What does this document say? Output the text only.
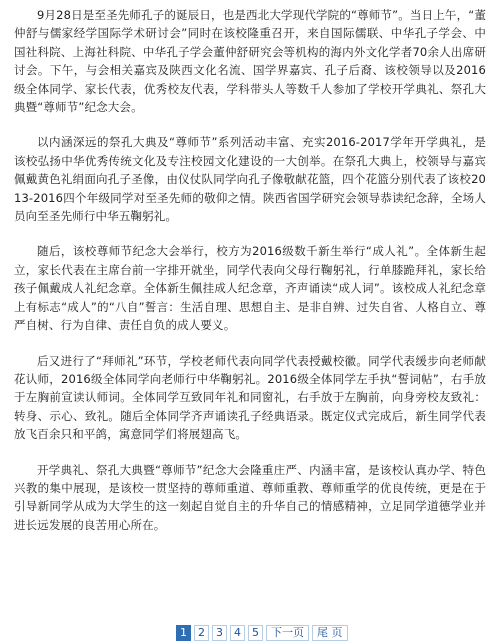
9月28日是至圣先师孔子的诞辰日，也是西北大学现代学院的“尊师节”。当日上午，“董仲舒与儒家经学国际学术研讨会”同时在该校隆重召开，来自国际儒联、中华孔子学会、中国社科院、上海社科院、中华孔子学会董仲舒研究会等机构的海内外文化学者70余人出席研讨会。下午，与会相关嘉宾及陕西文化名流、国学界嘉宾、孔子后裔、该校领导以及2016级全体同学、家长代表，优秀校友代表，学科带头人等数千人参加了学校开学典礼、祭孔大典暨“尊师节”纪念大会。

以内涵深远的祭孔大典及“尊师节”系列活动丰富、充实2016-2017学年开学典礼，是该校弘扬中华优秀传统文化及专注校园文化建设的一大创举。在祭孔大典上，校领导与嘉宾佩戴黄色礼绢面向孔子圣像，由仪仗队同学向孔子像敬献花篮，四个花篮分别代表了该校2013-2016四个年级同学对至圣先师的敬仰之情。陕西省国学研究会领导恭读纪念辞，全场人员向至圣先师行中华五鞠躬礼。

随后，该校尊师节纪念大会举行，校方为2016级数千新生举行“成人礼”。全体新生起立，家长代表在主席台前一字排开就坐，同学代表向父母行鞠躬礼，行单膝跪拜礼，家长给孩子佩戴成人礼纪念章。全体新生佩挂成人纪念章，齐声诵读“成人词”。该校成人礼纪念章上有标志“成人”的“八自”誓言：生活自理、思想自主、是非自辨、过失自省、人格自立、尊严自树、行为自律、责任自负的成人要义。

后又进行了“拜师礼”环节，学校老师代表向同学代表授戴校徽。同学代表缓步向老师献花认师，2016级全体同学向老师行中华鞠躬礼。2016级全体同学左手执“誓词帖”，右手放于左胸前宣读认师词。全体同学互致同年礼和同窗礼，右手放于左胸前，向身旁校友致礼：转身、示心、致礼。随后全体同学齐声诵读孔子经典语录。既定仪式完成后，新生同学代表放飞百余只和平鸽，寓意同学们将展翅高飞。

开学典礼、祭孔大典暨“尊师节”纪念大会隆重庄严、内涵丰富，是该校认真办学、特色兴教的集中展现，是该校一贯坚持的尊师重道、尊师重教、尊师重学的优良传统，更是在于引导新同学从成为大学生的这一刻起自觉自主的升华自己的情感精神，立足同学道德学业并进长远发展的良苦用心所在。

1	2	3	4	5	下一页	尾 页
